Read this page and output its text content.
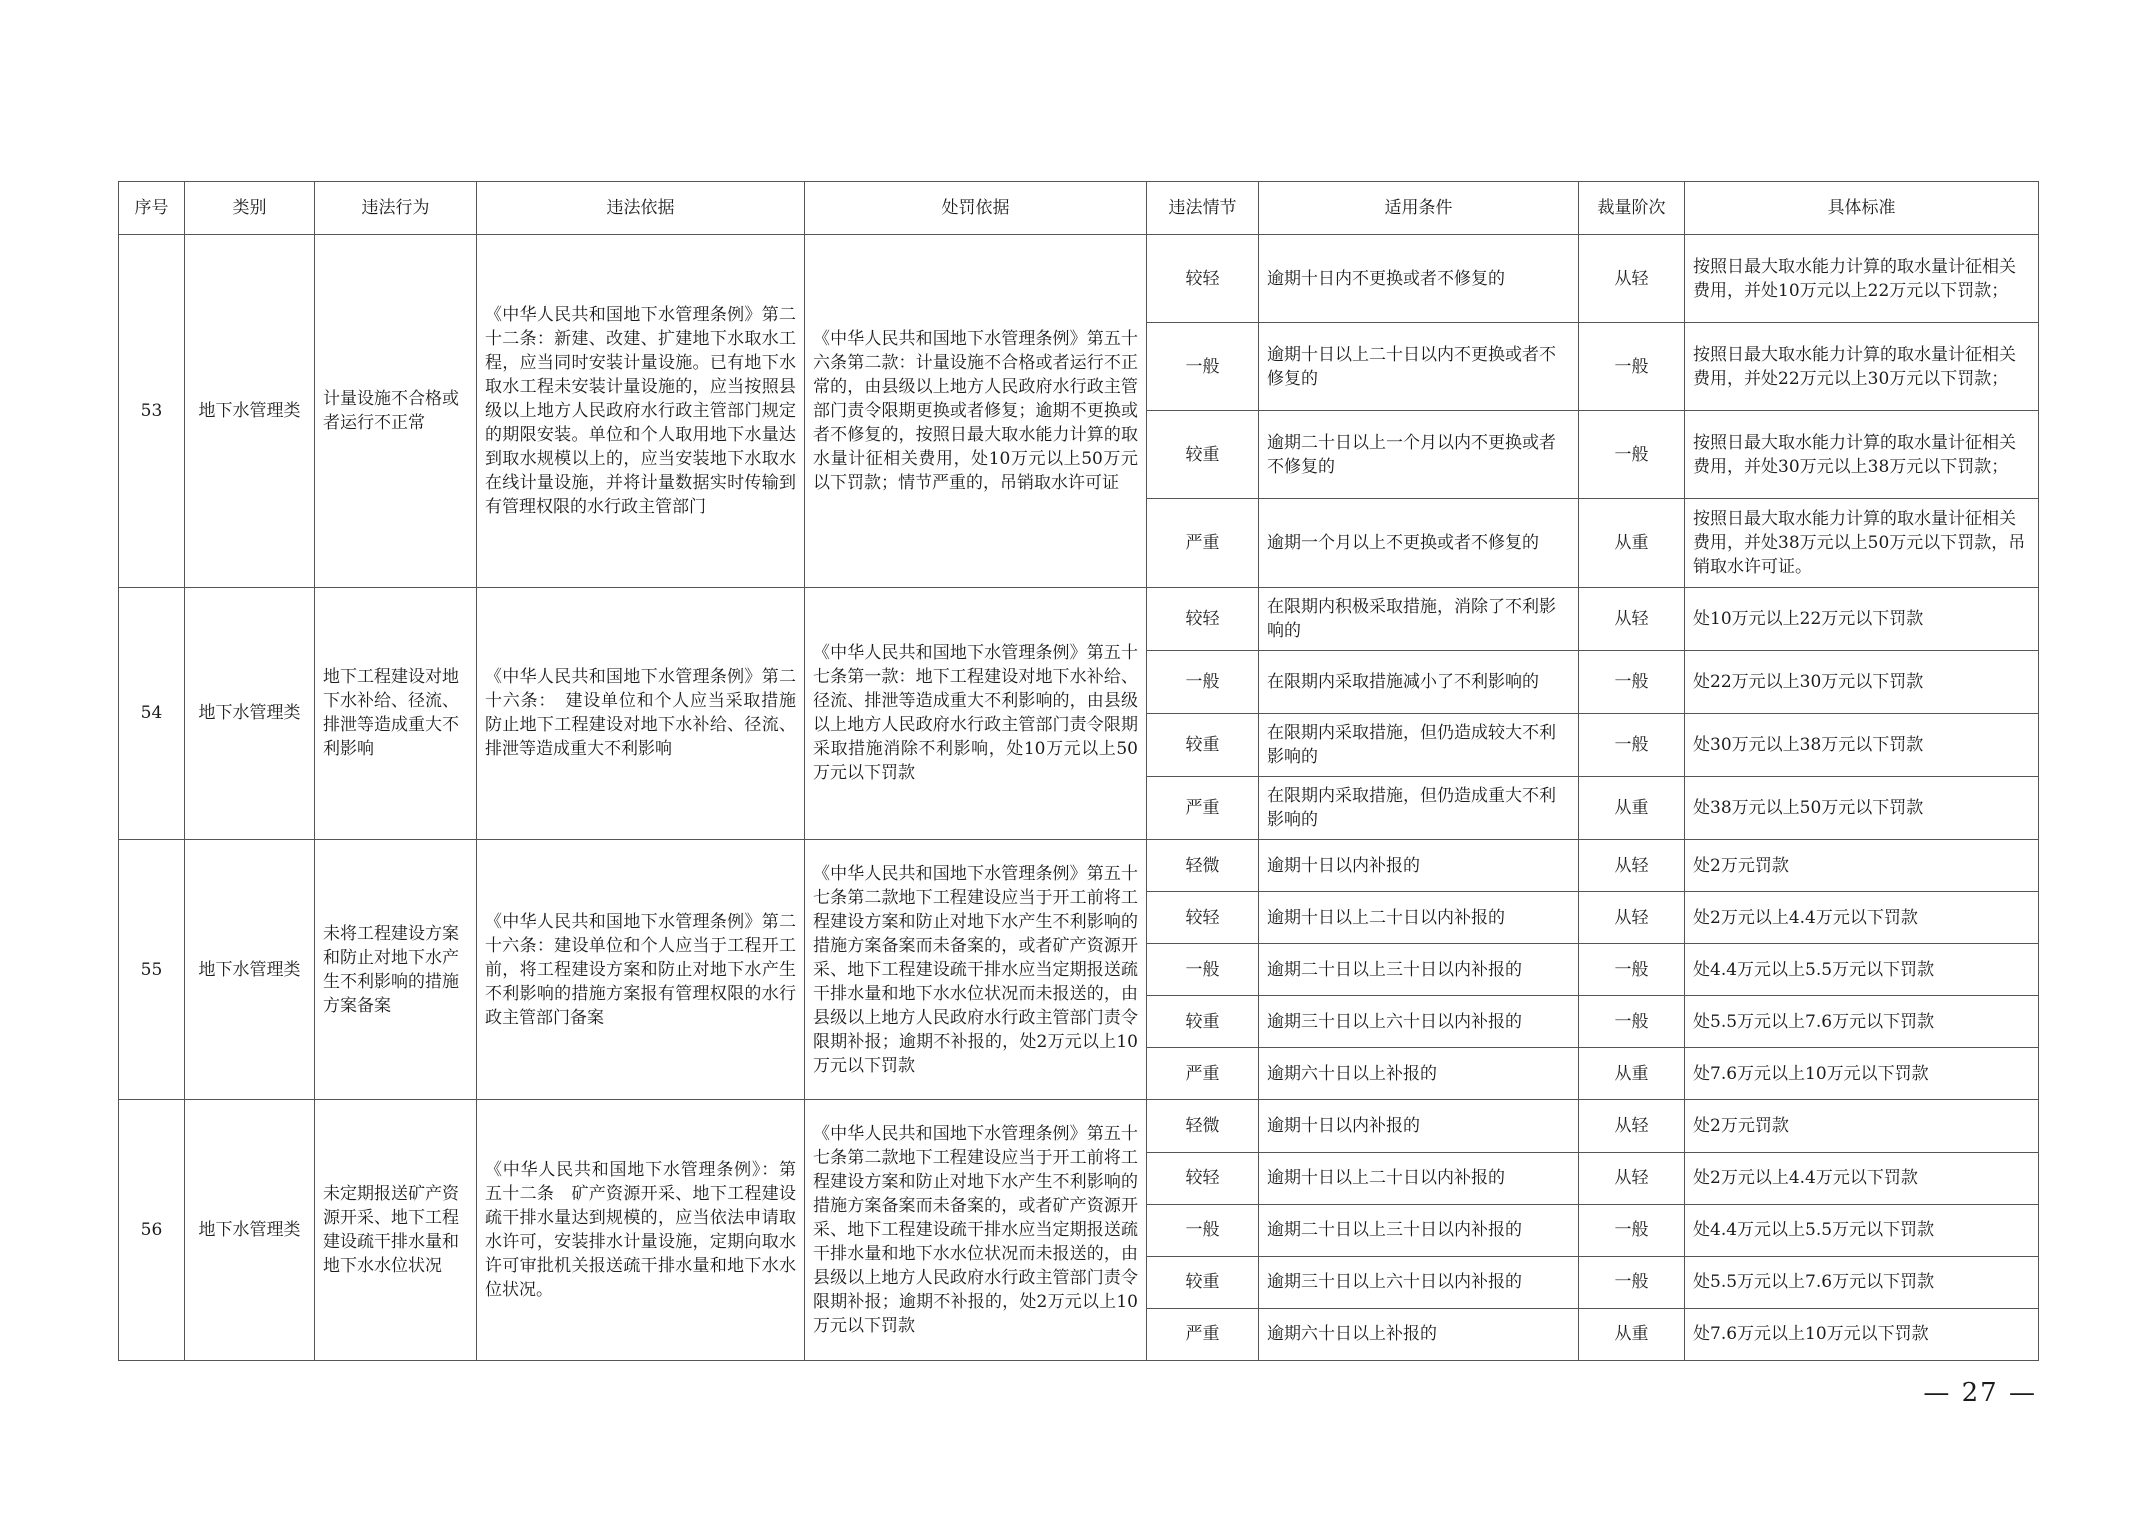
序号	类别	违法行为	违法依据	处罚依据	违法情节	适用条件	裁量阶次	具体标准
53	地下水管理类	计量设施不合格或者运行不正常	《中华人民共和国地下水管理条例》第二十二条：新建、改建、扩建地下水取水工程，应当同时安装计量设施。已有地下水取水工程未安装计量设施的，应当按照县级以上地方人民政府水行政主管部门规定的期限安装。单位和个人取用地下水量达到取水规模以上的，应当安装地下水取水在线计量设施，并将计量数据实时传输到有管理权限的水行政主管部门	《中华人民共和国地下水管理条例》第五十六条第二款：计量设施不合格或者运行不正常的，由县级以上地方人民政府水行政主管部门责令限期更换或者修复；逾期不更换或者不修复的，按照日最大取水能力计算的取水量计征相关费用，处10万元以上50万元以下罚款；情节严重的，吊销取水许可证	较轻	逾期十日内不更换或者不修复的	从轻	按照日最大取水能力计算的取水量计征相关费用，并处10万元以上22万元以下罚款；
					一般	逾期十日以上二十日以内不更换或者不修复的	一般	按照日最大取水能力计算的取水量计征相关费用，并处22万元以上30万元以下罚款；
					较重	逾期二十日以上一个月以内不更换或者不修复的	一般	按照日最大取水能力计算的取水量计征相关费用，并处30万元以上38万元以下罚款；
					严重	逾期一个月以上不更换或者不修复的	从重	按照日最大取水能力计算的取水量计征相关费用，并处38万元以上50万元以下罚款，吊销取水许可证。
54	地下水管理类	地下工程建设对地下水补给、径流、排泄等造成重大不利影响	《中华人民共和国地下水管理条例》第二十六条：　建设单位和个人应当采取措施防止地下工程建设对地下水补给、径流、排泄等造成重大不利影响	《中华人民共和国地下水管理条例》第五十七条第一款：地下工程建设对地下水补给、径流、排泄等造成重大不利影响的，由县级以上地方人民政府水行政主管部门责令限期采取措施消除不利影响，处10万元以上50万元以下罚款	较轻	在限期内积极采取措施，消除了不利影响的	从轻	处10万元以上22万元以下罚款
					一般	在限期内采取措施减小了不利影响的	一般	处22万元以上30万元以下罚款
					较重	在限期内采取措施，但仍造成较大不利影响的	一般	处30万元以上38万元以下罚款
					严重	在限期内采取措施，但仍造成重大不利影响的	从重	处38万元以上50万元以下罚款
55	地下水管理类	未将工程建设方案和防止对地下水产生不利影响的措施方案备案	《中华人民共和国地下水管理条例》第二十六条：建设单位和个人应当于工程开工前，将工程建设方案和防止对地下水产生不利影响的措施方案报有管理权限的水行政主管部门备案	《中华人民共和国地下水管理条例》第五十七条第二款地下工程建设应当于开工前将工程建设方案和防止对地下水产生不利影响的措施方案备案而未备案的，或者矿产资源开采、地下工程建设疏干排水应当定期报送疏干排水量和地下水水位状况而未报送的，由县级以上地方人民政府水行政主管部门责令限期补报；逾期不补报的，处2万元以上10万元以下罚款	轻微	逾期十日以内补报的	从轻	处2万元罚款
					较轻	逾期十日以上二十日以内补报的	从轻	处2万元以上4.4万元以下罚款
					一般	逾期二十日以上三十日以内补报的	一般	处4.4万元以上5.5万元以下罚款
					较重	逾期三十日以上六十日以内补报的	一般	处5.5万元以上7.6万元以下罚款
					严重	逾期六十日以上补报的	从重	处7.6万元以上10万元以下罚款
56	地下水管理类	未定期报送矿产资源开采、地下工程建设疏干排水量和地下水水位状况	《中华人民共和国地下水管理条例》：第五十二条　矿产资源开采、地下工程建设疏干排水量达到规模的，应当依法申请取水许可，安装排水计量设施，定期向取水许可审批机关报送疏干排水量和地下水水位状况。	《中华人民共和国地下水管理条例》第五十七条第二款地下工程建设应当于开工前将工程建设方案和防止对地下水产生不利影响的措施方案备案而未备案的，或者矿产资源开采、地下工程建设疏干排水应当定期报送疏干排水量和地下水水位状况而未报送的，由县级以上地方人民政府水行政主管部门责令限期补报；逾期不补报的，处2万元以上10万元以下罚款	轻微	逾期十日以内补报的	从轻	处2万元罚款
					较轻	逾期十日以上二十日以内补报的	从轻	处2万元以上4.4万元以下罚款
					一般	逾期二十日以上三十日以内补报的	一般	处4.4万元以上5.5万元以下罚款
					较重	逾期三十日以上六十日以内补报的	一般	处5.5万元以上7.6万元以下罚款
					严重	逾期六十日以上补报的	从重	处7.6万元以上10万元以下罚款
— 27 —
